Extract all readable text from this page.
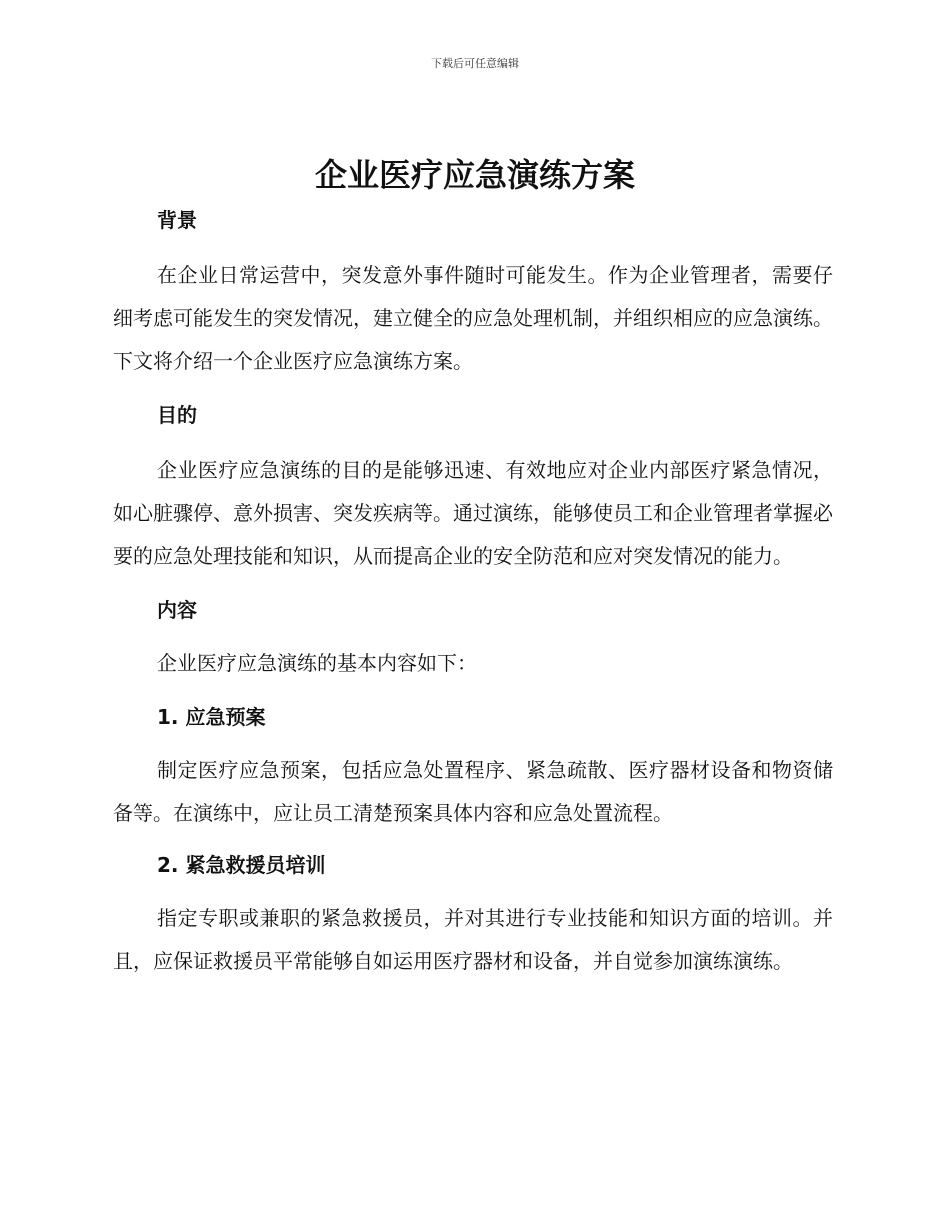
下载后可任意编辑
企业医疗应急演练方案
背景

在企业日常运营中，突发意外事件随时可能发生。作为企业管理者，需要仔细考虑可能发生的突发情况，建立健全的应急处理机制，并组织相应的应急演练。下文将介绍一个企业医疗应急演练方案。

目的

企业医疗应急演练的目的是能够迅速、有效地应对企业内部医疗紧急情况，如心脏骤停、意外损害、突发疾病等。通过演练，能够使员工和企业管理者掌握必要的应急处理技能和知识，从而提高企业的安全防范和应对突发情况的能力。

内容

企业医疗应急演练的基本内容如下：

1. 应急预案

制定医疗应急预案，包括应急处置程序、紧急疏散、医疗器材设备和物资储备等。在演练中，应让员工清楚预案具体内容和应急处置流程。

2. 紧急救援员培训

指定专职或兼职的紧急救援员，并对其进行专业技能和知识方面的培训。并且，应保证救援员平常能够自如运用医疗器材和设备，并自觉参加演练演练。
